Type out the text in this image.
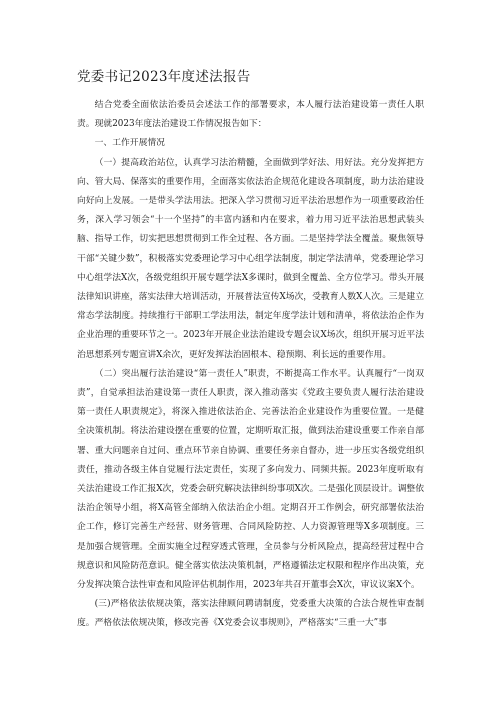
党委书记2023年度述法报告

结合党委全面依法治委员会述法工作的部署要求，本人履行法治建设第一责任人职责。现就2023年度法治建设工作情况报告如下：

一、工作开展情况

（一）提高政治站位，认真学习法治精髓，全面做到学好法、用好法。充分发挥把方向、管大局、保落实的重要作用，全面落实依法治企规范化建设各项制度，助力法治建设向好向上发展。一是带头学法用法。把深入学习贯彻习近平法治思想作为一项重要政治任务，深入学习领会“十一个坚持”的丰富内涵和内在要求，着力用习近平法治思想武装头脑、指导工作，切实把思想贯彻到工作全过程、各方面。二是坚持学法全覆盖。聚焦领导干部“关键少数”，积极落实党委理论学习中心组学法制度，制定学法清单，党委理论学习中心组学法X次，各级党组织开展专题学法X多课时，做到全覆盖、全方位学习。带头开展法律知识讲座，落实法律大培训活动，开展普法宣传X场次，受教育人数X人次。三是建立常态学法制度。持续推行干部职工学法用法，制定年度学法计划和清单，将依法治企作为企业治理的重要环节之一。2023年开展企业法治建设专题会议X场次，组织开展习近平法治思想系列专题宣讲X余次，更好发挥法治固根本、稳预期、利长远的重要作用。

（二）突出履行法治建设“第一责任人”职责，不断提高工作水平。认真履行“一岗双责”，自觉承担法治建设第一责任人职责，深入推动落实《党政主要负责人履行法治建设第一责任人职责规定》，将深入推进依法治企、完善法治企业建设作为重要位置。一是健全决策机制。将法治建设摆在重要的位置，定期听取汇报，做到法治建设重要工作亲自部署、重大问题亲自过问、重点环节亲自协调、重要任务亲自督办，进一步压实各级党组织责任，推动各级主体自觉履行法定责任，实现了多向发力、同频共振。2023年度听取有关法治建设工作汇报X次，党委会研究解决法律纠纷事项X次。二是强化顶层设计。调整依法治企领导小组，将X高管全部纳入依法治企小组。定期召开工作例会，研究部署依法治企工作，修订完善生产经营、财务管理、合同风险防控、人力资源管理等X多项制度。三是加强合规管理。全面实施全过程穿透式管理，全员参与分析风险点，提高经营过程中合规意识和风险防范意识。健全落实依法决策机制，严格遵循法定权限和程序作出决策，充分发挥决策合法性审查和风险评估机制作用，2023年共召开董事会X次，审议议案X个。

(三)严格依法依规决策，落实法律顾问聘请制度，党委重大决策的合法合规性审查制度。严格依法依规决策，修改完善《X党委会议事规则》，严格落实“三重一大”事
